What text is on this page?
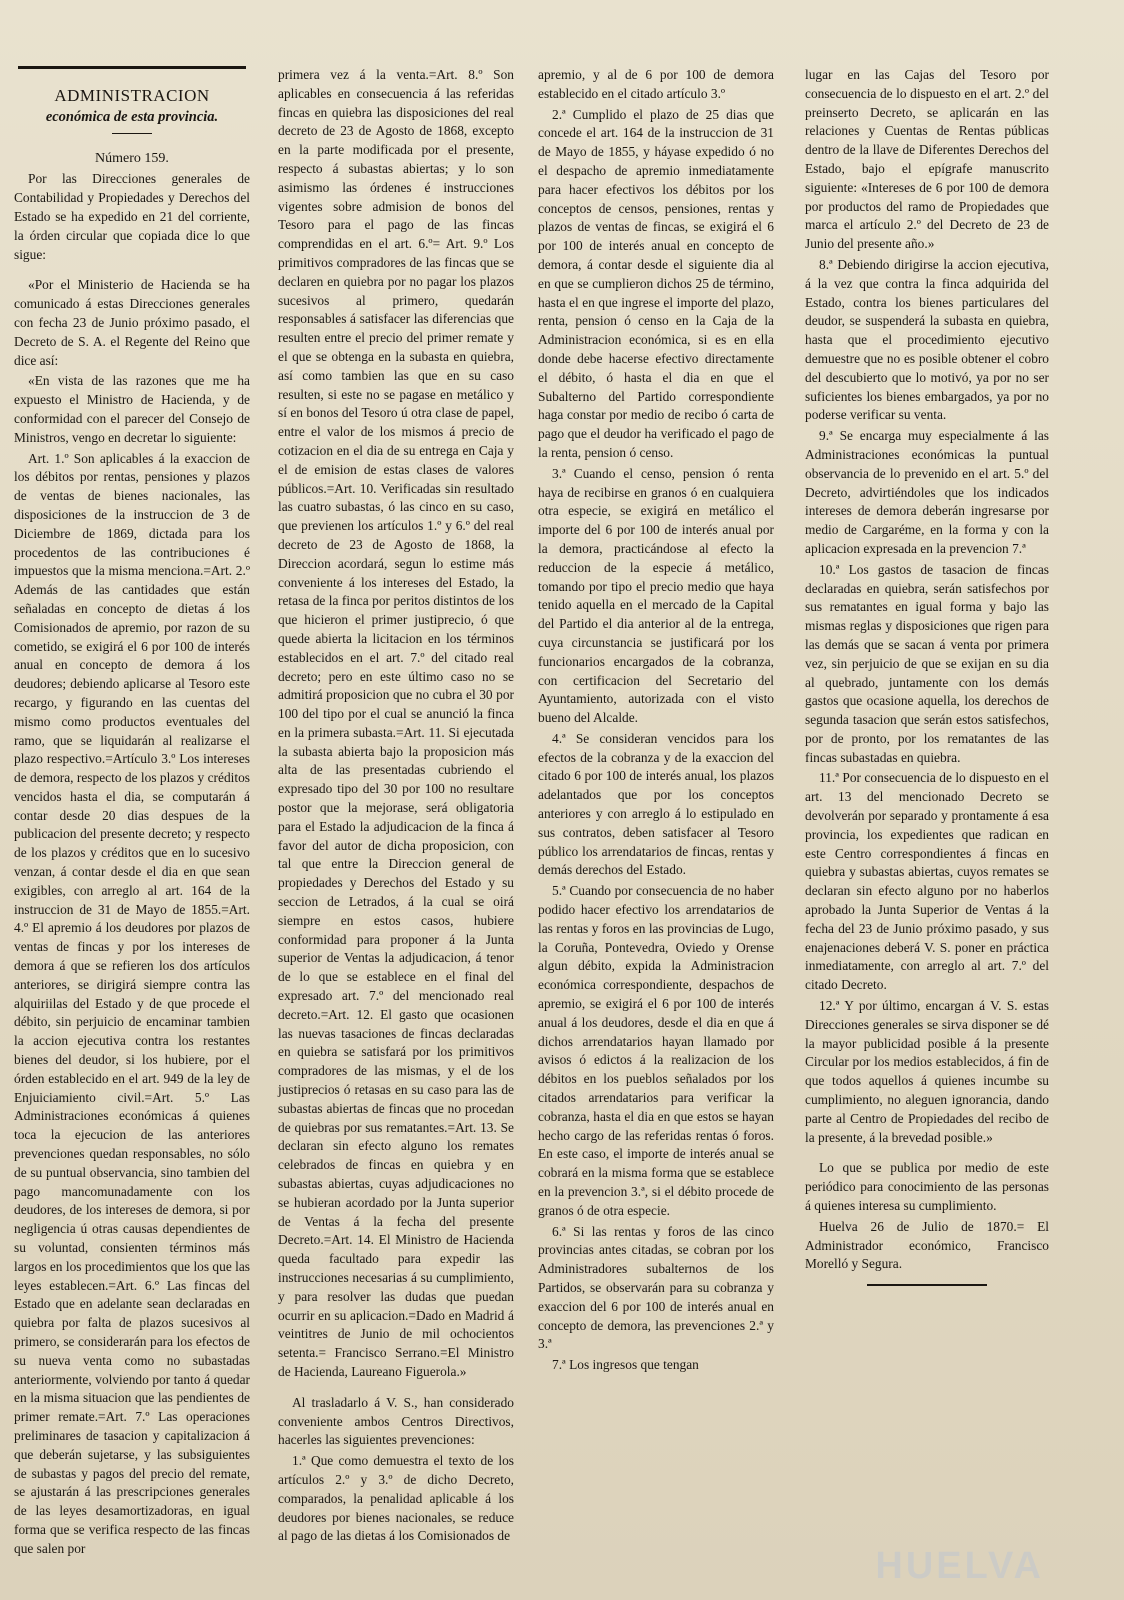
ADMINISTRACION

económica de esta provincia.

Número 159.

Por las Direcciones generales de Contabilidad y Propiedades y Derechos del Estado se ha expedido en 21 del corriente, la órden circular que copiada dice lo que sigue:

«Por el Ministerio de Hacienda se ha comunicado á estas Direcciones generales con fecha 23 de Junio próximo pasado, el Decreto de S. A. el Regente del Reino que dice así:

«En vista de las razones que me ha expuesto el Ministro de Hacienda, y de conformidad con el parecer del Consejo de Ministros, vengo en decretar lo siguiente:

Art. 1.º Son aplicables á la exaccion de los débitos por rentas, pensiones y plazos de ventas de bienes nacionales, las disposiciones de la instruccion de 3 de Diciembre de 1869, dictada para los procedentos de las contribuciones é impuestos que la misma menciona.=Art. 2.º Además de las cantidades que están señaladas en concepto de dietas á los Comisionados de apremio, por razon de su cometido, se exigirá el 6 por 100 de interés anual en concepto de demora á los deudores; debiendo aplicarse al Tesoro este recargo, y figurando en las cuentas del mismo como productos eventuales del ramo, que se liquidarán al realizarse el plazo respectivo.=Artículo 3.º Los intereses de demora, respecto de los plazos y créditos vencidos hasta el dia, se computarán á contar desde 20 dias despues de la publicacion del presente decreto; y respecto de los plazos y créditos que en lo sucesivo venzan, á contar desde el dia en que sean exigibles, con arreglo al art. 164 de la instruccion de 31 de Mayo de 1855.=Art. 4.º El apremio á los deudores por plazos de ventas de fincas y por los intereses de demora á que se refieren los dos artículos anteriores, se dirigirá siempre contra las alquiriilas del Estado y de que procede el débito, sin perjuicio de encaminar tambien la accion ejecutiva contra los restantes bienes del deudor, si los hubiere, por el órden establecido en el art. 949 de la ley de Enjuiciamiento civil.=Art. 5.º Las Administraciones económicas á quienes toca la ejecucion de las anteriores prevenciones quedan responsables, no sólo de su puntual observancia, sino tambien del pago mancomunadamente con los deudores, de los intereses de demora, si por negligencia ú otras causas dependientes de su voluntad, consienten términos más largos en los procedimientos que los que las leyes establecen.=Art. 6.º Las fincas del Estado que en adelante sean declaradas en quiebra por falta de plazos sucesivos al primero, se considerarán para los efectos de su nueva venta como no subastadas anteriormente, volviendo por tanto á quedar en la misma situacion que las pendientes de primer remate.=Art. 7.º Las operaciones preliminares de tasacion y capitalizacion á que deberán sujetarse, y las subsiguientes de subastas y pagos del precio del remate, se ajustarán á las prescripciones generales de las leyes desamortizadoras, en igual forma que se verifica respecto de las fincas que salen por

primera vez á la venta.=Art. 8.º Son aplicables en consecuencia á las referidas fincas en quiebra las disposiciones del real decreto de 23 de Agosto de 1868, excepto en la parte modificada por el presente, respecto á subastas abiertas; y lo son asimismo las órdenes é instrucciones vigentes sobre admision de bonos del Tesoro para el pago de las fincas comprendidas en el art. 6.º= Art. 9.º Los primitivos compradores de las fincas que se declaren en quiebra por no pagar los plazos sucesivos al primero, quedarán responsables á satisfacer las diferencias que resulten entre el precio del primer remate y el que se obtenga en la subasta en quiebra, así como tambien las que en su caso resulten, si este no se pagase en metálico y sí en bonos del Tesoro ú otra clase de papel, entre el valor de los mismos á precio de cotizacion en el dia de su entrega en Caja y el de emision de estas clases de valores públicos.=Art. 10. Verificadas sin resultado las cuatro subastas, ó las cinco en su caso, que previenen los artículos 1.º y 6.º del real decreto de 23 de Agosto de 1868, la Direccion acordará, segun lo estime más conveniente á los intereses del Estado, la retasa de la finca por peritos distintos de los que hicieron el primer justiprecio, ó que quede abierta la licitacion en los términos establecidos en el art. 7.º del citado real decreto; pero en este último caso no se admitirá proposicion que no cubra el 30 por 100 del tipo por el cual se anunció la finca en la primera subasta.=Art. 11. Si ejecutada la subasta abierta bajo la proposicion más alta de las presentadas cubriendo el expresado tipo del 30 por 100 no resultare postor que la mejorase, será obligatoria para el Estado la adjudicacion de la finca á favor del autor de dicha proposicion, con tal que entre la Direccion general de propiedades y Derechos del Estado y su seccion de Letrados, á la cual se oirá siempre en estos casos, hubiere conformidad para proponer á la Junta superior de Ventas la adjudicacion, á tenor de lo que se establece en el final del expresado art. 7.º del mencionado real decreto.=Art. 12. El gasto que ocasionen las nuevas tasaciones de fincas declaradas en quiebra se satisfará por los primitivos compradores de las mismas, y el de los justiprecios ó retasas en su caso para las de subastas abiertas de fincas que no procedan de quiebras por sus rematantes.=Art. 13. Se declaran sin efecto alguno los remates celebrados de fincas en quiebra y en subastas abiertas, cuyas adjudicaciones no se hubieran acordado por la Junta superior de Ventas á la fecha del presente Decreto.=Art. 14. El Ministro de Hacienda queda facultado para expedir las instrucciones necesarias á su cumplimiento, y para resolver las dudas que puedan ocurrir en su aplicacion.=Dado en Madrid á veintitres de Junio de mil ochocientos setenta.= Francisco Serrano.=El Ministro de Hacienda, Laureano Figuerola.»

Al trasladarlo á V. S., han considerado conveniente ambos Centros Directivos, hacerles las siguientes prevenciones:

1.ª Que como demuestra el texto de los artículos 2.º y 3.º de dicho Decreto, comparados, la penalidad aplicable á los deudores por bienes nacionales, se reduce al pago de las dietas á los Comisionados de

apremio, y al de 6 por 100 de demora establecido en el citado artículo 3.º

2.ª Cumplido el plazo de 25 dias que concede el art. 164 de la instruccion de 31 de Mayo de 1855, y háyase expedido ó no el despacho de apremio inmediatamente para hacer efectivos los débitos por los conceptos de censos, pensiones, rentas y plazos de ventas de fincas, se exigirá el 6 por 100 de interés anual en concepto de demora, á contar desde el siguiente dia al en que se cumplieron dichos 25 de término, hasta el en que ingrese el importe del plazo, renta, pension ó censo en la Caja de la Administracion económica, si es en ella donde debe hacerse efectivo directamente el débito, ó hasta el dia en que el Subalterno del Partido correspondiente haga constar por medio de recibo ó carta de pago que el deudor ha verificado el pago de la renta, pension ó censo.

3.ª Cuando el censo, pension ó renta haya de recibirse en granos ó en cualquiera otra especie, se exigirá en metálico el importe del 6 por 100 de interés anual por la demora, practicándose al efecto la reduccion de la especie á metálico, tomando por tipo el precio medio que haya tenido aquella en el mercado de la Capital del Partido el dia anterior al de la entrega, cuya circunstancia se justificará por los funcionarios encargados de la cobranza, con certificacion del Secretario del Ayuntamiento, autorizada con el visto bueno del Alcalde.

4.ª Se consideran vencidos para los efectos de la cobranza y de la exaccion del citado 6 por 100 de interés anual, los plazos adelantados que por los conceptos anteriores y con arreglo á lo estipulado en sus contratos, deben satisfacer al Tesoro público los arrendatarios de fincas, rentas y demás derechos del Estado.

5.ª Cuando por consecuencia de no haber podido hacer efectivo los arrendatarios de las rentas y foros en las provincias de Lugo, la Coruña, Pontevedra, Oviedo y Orense algun débito, expida la Administracion económica correspondiente, despachos de apremio, se exigirá el 6 por 100 de interés anual á los deudores, desde el dia en que á dichos arrendatarios hayan llamado por avisos ó edictos á la realizacion de los débitos en los pueblos señalados por los citados arrendatarios para verificar la cobranza, hasta el dia en que estos se hayan hecho cargo de las referidas rentas ó foros. En este caso, el importe de interés anual se cobrará en la misma forma que se establece en la prevencion 3.ª, si el débito procede de granos ó de otra especie.

6.ª Si las rentas y foros de las cinco provincias antes citadas, se cobran por los Administradores subalternos de los Partidos, se observarán para su cobranza y exaccion del 6 por 100 de interés anual en concepto de demora, las prevenciones 2.ª y 3.ª

7.ª Los ingresos que tengan

lugar en las Cajas del Tesoro por consecuencia de lo dispuesto en el art. 2.º del preinserto Decreto, se aplicarán en las relaciones y Cuentas de Rentas públicas dentro de la llave de Diferentes Derechos del Estado, bajo el epígrafe manuscrito siguiente: «Intereses de 6 por 100 de demora por productos del ramo de Propiedades que marca el artículo 2.º del Decreto de 23 de Junio del presente año.»

8.ª Debiendo dirigirse la accion ejecutiva, á la vez que contra la finca adquirida del Estado, contra los bienes particulares del deudor, se suspenderá la subasta en quiebra, hasta que el procedimiento ejecutivo demuestre que no es posible obtener el cobro del descubierto que lo motivó, ya por no ser suficientes los bienes embargados, ya por no poderse verificar su venta.

9.ª Se encarga muy especialmente á las Administraciones económicas la puntual observancia de lo prevenido en el art. 5.º del Decreto, advirtiéndoles que los indicados intereses de demora deberán ingresarse por medio de Cargaréme, en la forma y con la aplicacion expresada en la prevencion 7.ª

10.ª Los gastos de tasacion de fincas declaradas en quiebra, serán satisfechos por sus rematantes en igual forma y bajo las mismas reglas y disposiciones que rigen para las demás que se sacan á venta por primera vez, sin perjuicio de que se exijan en su dia al quebrado, juntamente con los demás gastos que ocasione aquella, los derechos de segunda tasacion que serán estos satisfechos, por de pronto, por los rematantes de las fincas subastadas en quiebra.

11.ª Por consecuencia de lo dispuesto en el art. 13 del mencionado Decreto se devolverán por separado y prontamente á esa provincia, los expedientes que radican en este Centro correspondientes á fincas en quiebra y subastas abiertas, cuyos remates se declaran sin efecto alguno por no haberlos aprobado la Junta Superior de Ventas á la fecha del 23 de Junio próximo pasado, y sus enajenaciones deberá V. S. poner en práctica inmediatamente, con arreglo al art. 7.º del citado Decreto.

12.ª Y por último, encargan á V. S. estas Direcciones generales se sirva disponer se dé la mayor publicidad posible á la presente Circular por los medios establecidos, á fin de que todos aquellos á quienes incumbe su cumplimiento, no aleguen ignorancia, dando parte al Centro de Propiedades del recibo de la presente, á la brevedad posible.»

Lo que se publica por medio de este periódico para conocimiento de las personas á quienes interesa su cumplimiento.

Huelva 26 de Julio de 1870.= El Administrador económico, Francisco Morelló y Segura.

HUELVA
